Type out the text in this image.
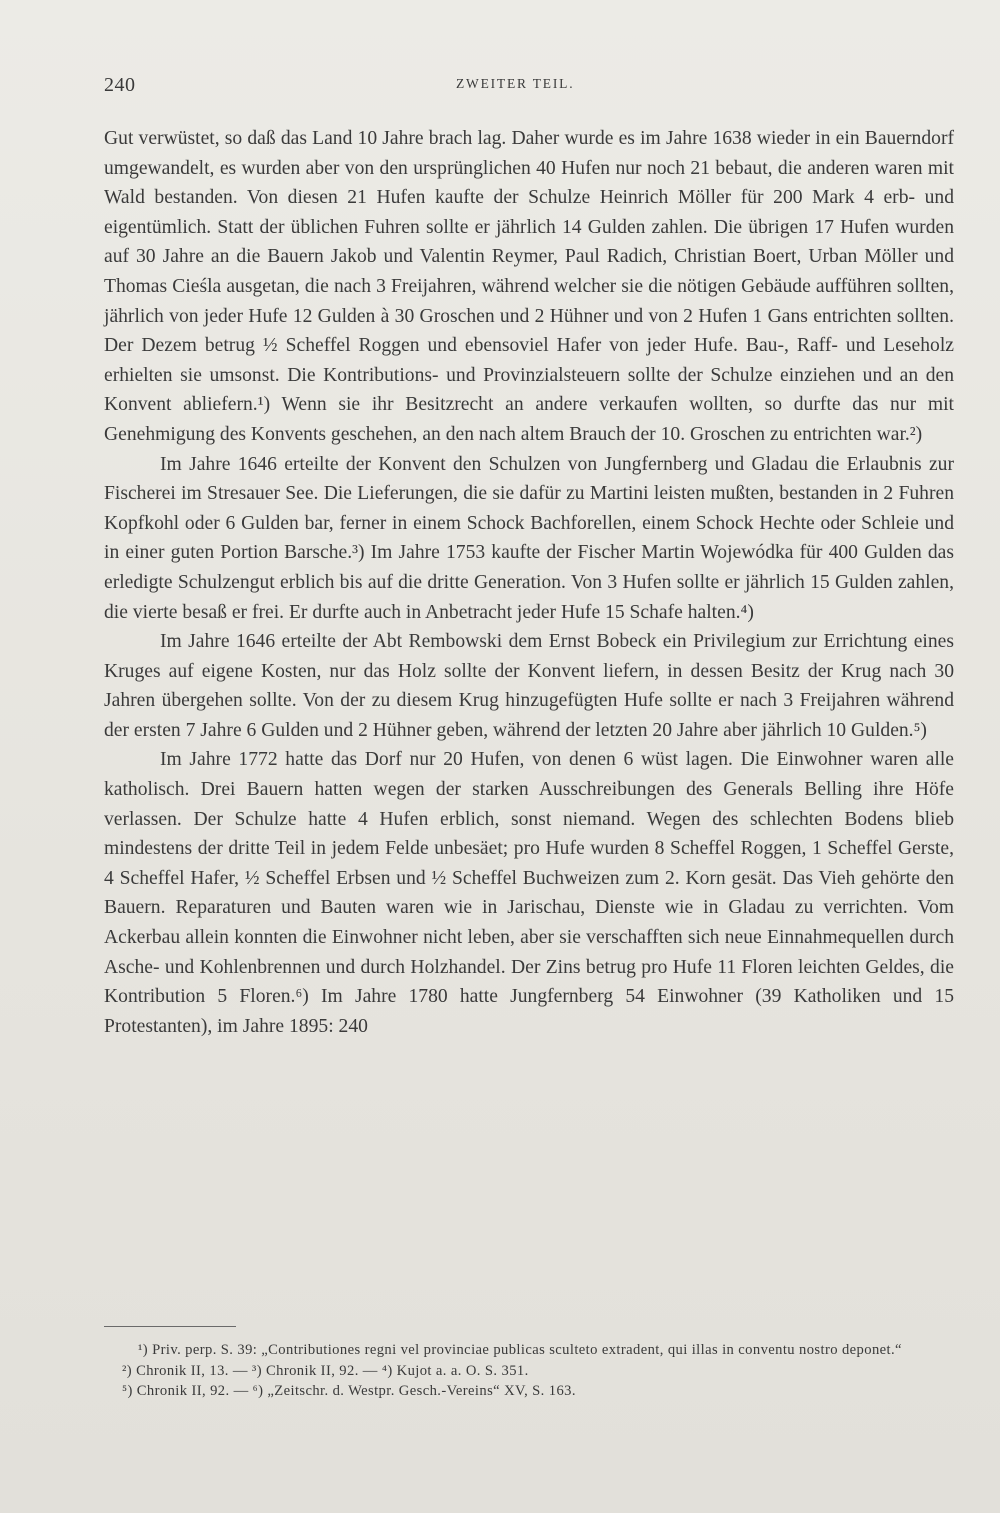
240	ZWEITER TEIL.

Gut verwüstet, so daß das Land 10 Jahre brach lag. Daher wurde es im Jahre 1638 wieder in ein Bauerndorf umgewandelt, es wurden aber von den ursprünglichen 40 Hufen nur noch 21 bebaut, die anderen waren mit Wald bestanden. Von diesen 21 Hufen kaufte der Schulze Heinrich Möller für 200 Mark 4 erb- und eigentümlich. Statt der üblichen Fuhren sollte er jährlich 14 Gulden zahlen. Die übrigen 17 Hufen wurden auf 30 Jahre an die Bauern Jakob und Valentin Reymer, Paul Radich, Christian Boert, Urban Möller und Thomas Cieśla ausgetan, die nach 3 Freijahren, während welcher sie die nötigen Gebäude aufführen sollten, jährlich von jeder Hufe 12 Gulden à 30 Groschen und 2 Hühner und von 2 Hufen 1 Gans entrichten sollten. Der Dezem betrug ½ Scheffel Roggen und ebensoviel Hafer von jeder Hufe. Bau-, Raff- und Leseholz erhielten sie umsonst. Die Kontributions- und Provinzialsteuern sollte der Schulze einziehen und an den Konvent abliefern.¹) Wenn sie ihr Besitzrecht an andere verkaufen wollten, so durfte das nur mit Genehmigung des Konvents geschehen, an den nach altem Brauch der 10. Groschen zu entrichten war.²)

Im Jahre 1646 erteilte der Konvent den Schulzen von Jungfernberg und Gladau die Erlaubnis zur Fischerei im Stresauer See. Die Lieferungen, die sie dafür zu Martini leisten mußten, bestanden in 2 Fuhren Kopfkohl oder 6 Gulden bar, ferner in einem Schock Bachforellen, einem Schock Hechte oder Schleie und in einer guten Portion Barsche.³) Im Jahre 1753 kaufte der Fischer Martin Wojewódka für 400 Gulden das erledigte Schulzengut erblich bis auf die dritte Generation. Von 3 Hufen sollte er jährlich 15 Gulden zahlen, die vierte besaß er frei. Er durfte auch in Anbetracht jeder Hufe 15 Schafe halten.⁴)

Im Jahre 1646 erteilte der Abt Rembowski dem Ernst Bobeck ein Privilegium zur Errichtung eines Kruges auf eigene Kosten, nur das Holz sollte der Konvent liefern, in dessen Besitz der Krug nach 30 Jahren übergehen sollte. Von der zu diesem Krug hinzugefügten Hufe sollte er nach 3 Freijahren während der ersten 7 Jahre 6 Gulden und 2 Hühner geben, während der letzten 20 Jahre aber jährlich 10 Gulden.⁵)

Im Jahre 1772 hatte das Dorf nur 20 Hufen, von denen 6 wüst lagen. Die Einwohner waren alle katholisch. Drei Bauern hatten wegen der starken Ausschreibungen des Generals Belling ihre Höfe verlassen. Der Schulze hatte 4 Hufen erblich, sonst niemand. Wegen des schlechten Bodens blieb mindestens der dritte Teil in jedem Felde unbesäet; pro Hufe wurden 8 Scheffel Roggen, 1 Scheffel Gerste, 4 Scheffel Hafer, ½ Scheffel Erbsen und ½ Scheffel Buchweizen zum 2. Korn gesät. Das Vieh gehörte den Bauern. Reparaturen und Bauten waren wie in Jarischau, Dienste wie in Gladau zu verrichten. Vom Ackerbau allein konnten die Einwohner nicht leben, aber sie verschafften sich neue Einnahmequellen durch Asche- und Kohlenbrennen und durch Holzhandel. Der Zins betrug pro Hufe 11 Floren leichten Geldes, die Kontribution 5 Floren.⁶) Im Jahre 1780 hatte Jungfernberg 54 Einwohner (39 Katholiken und 15 Protestanten), im Jahre 1895: 240

¹) Priv. perp. S. 39: „Contributiones regni vel provinciae publicas sculteto extradent, qui illas in conventu nostro deponet.“

²) Chronik II, 13. — ³) Chronik II, 92. — ⁴) Kujot a. a. O. S. 351.

⁵) Chronik II, 92. — ⁶) „Zeitschr. d. Westpr. Gesch.-Vereins“ XV, S. 163.
